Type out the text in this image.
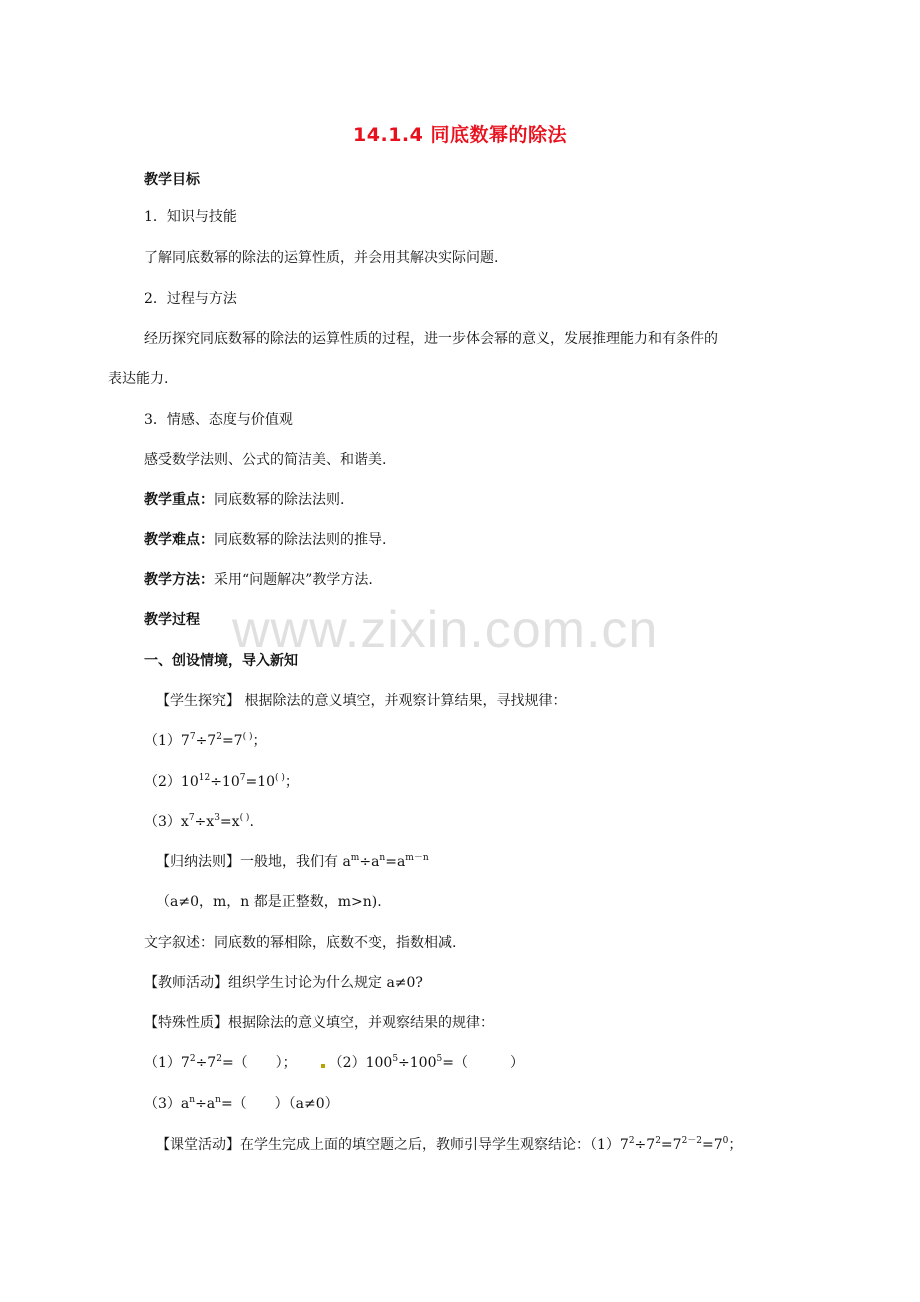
www.zixin.com.cn
14.1.4 同底数幂的除法
教学目标
1．知识与技能
了解同底数幂的除法的运算性质，并会用其解决实际问题.
2．过程与方法
经历探究同底数幂的除法的运算性质的过程，进一步体会幂的意义，发展推理能力和有条件的
表达能力.
3．情感、态度与价值观
感受数学法则、公式的简洁美、和谐美.
教学重点：同底数幂的除法法则.
教学难点：同底数幂的除法法则的推导.
教学方法：采用“问题解决”教学方法.
教学过程
一、创设情境，导入新知
【学生探究】 根据除法的意义填空，并观察计算结果，寻找规律：
$(1)7^7\div 7^2=7^{( )}$；
$(2)10^{12}\div 10^7=10^{( )}$；
$(3)x^7\div x^3=x^{( )}$.
【归纳法则】一般地，我们有 $a^m\div a^n=a^{m-n}$
（a≠0，m，n 都是正整数，m>n).
文字叙述：同底数的幂相除，底数不变，指数相减.
【教师活动】组织学生讨论为什么规定 a≠0?
【特殊性质】根据除法的意义填空，并观察结果的规律：
$(1)7^2\div 7^2=$（　　）； $(2)100^5\div 100^5=$（　　　）
$(3)a^n\div a^n=$（　　）（a≠0）
【课堂活动】在学生完成上面的填空题之后，教师引导学生观察结论：$(1)7^2\div 7^2=7^{2-2}=7^0$；
